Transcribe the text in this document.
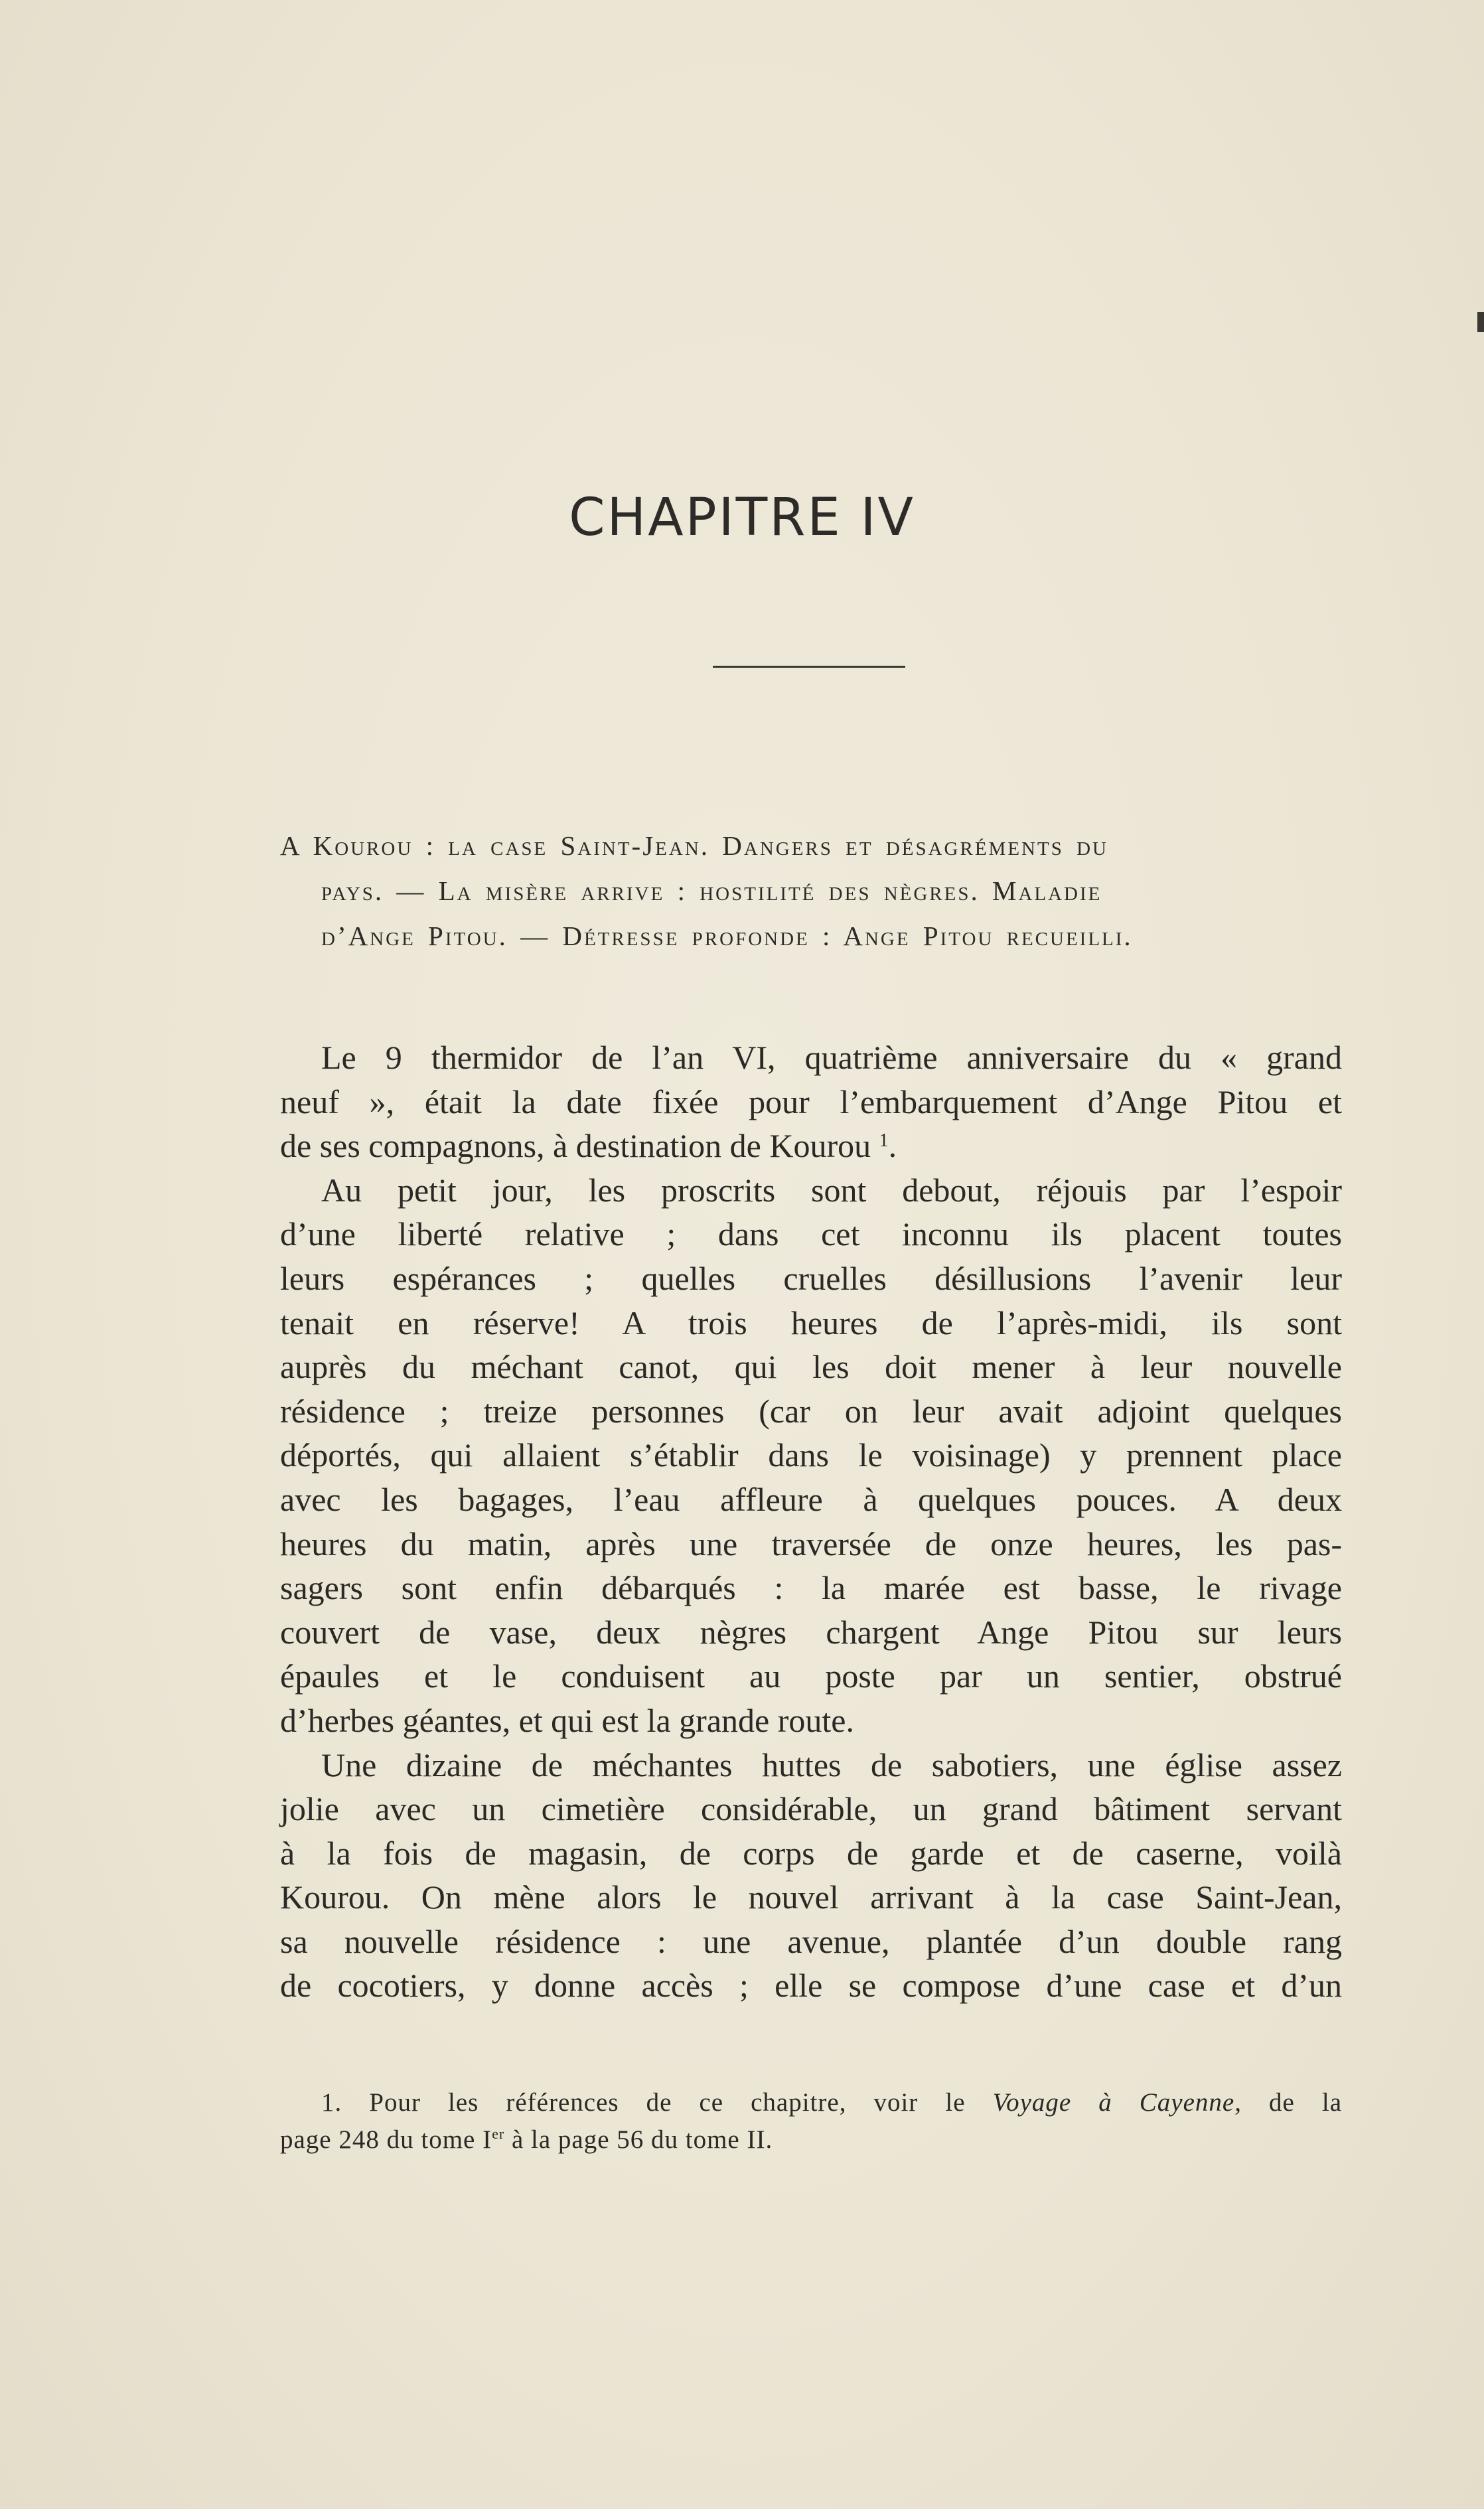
CHAPITRE IV
A Kourou : la case Saint-Jean. Dangers et désagréments du
pays. — La misère arrive : hostilité des nègres. Maladie
d’Ange Pitou. — Détresse profonde : Ange Pitou recueilli.
Le 9 thermidor de l’an VI, quatrième anniversaire du « grand
neuf », était la date fixée pour l’embarquement d’Ange Pitou et
de ses compagnons, à destination de Kourou $^1$.
Au petit jour, les proscrits sont debout, réjouis par l’espoir
d’une liberté relative ; dans cet inconnu ils placent toutes
leurs espérances ; quelles cruelles désillusions l’avenir leur
tenait en réserve! A trois heures de l’après-midi, ils sont
auprès du méchant canot, qui les doit mener à leur nouvelle
résidence ; treize personnes (car on leur avait adjoint quelques
déportés, qui allaient s’établir dans le voisinage) y prennent place
avec les bagages, l’eau affleure à quelques pouces. A deux
heures du matin, après une traversée de onze heures, les pas-
sagers sont enfin débarqués : la marée est basse, le rivage
couvert de vase, deux nègres chargent Ange Pitou sur leurs
épaules et le conduisent au poste par un sentier, obstrué
d’herbes géantes, et qui est la grande route.
Une dizaine de méchantes huttes de sabotiers, une église assez
jolie avec un cimetière considérable, un grand bâtiment servant
à la fois de magasin, de corps de garde et de caserne, voilà
Kourou. On mène alors le nouvel arrivant à la case Saint-Jean,
sa nouvelle résidence : une avenue, plantée d’un double rang
de cocotiers, y donne accès ; elle se compose d’une case et d’un
1. Pour les références de ce chapitre, voir le Voyage à Cayenne, de la
page 248 du tome Ier à la page 56 du tome II.
